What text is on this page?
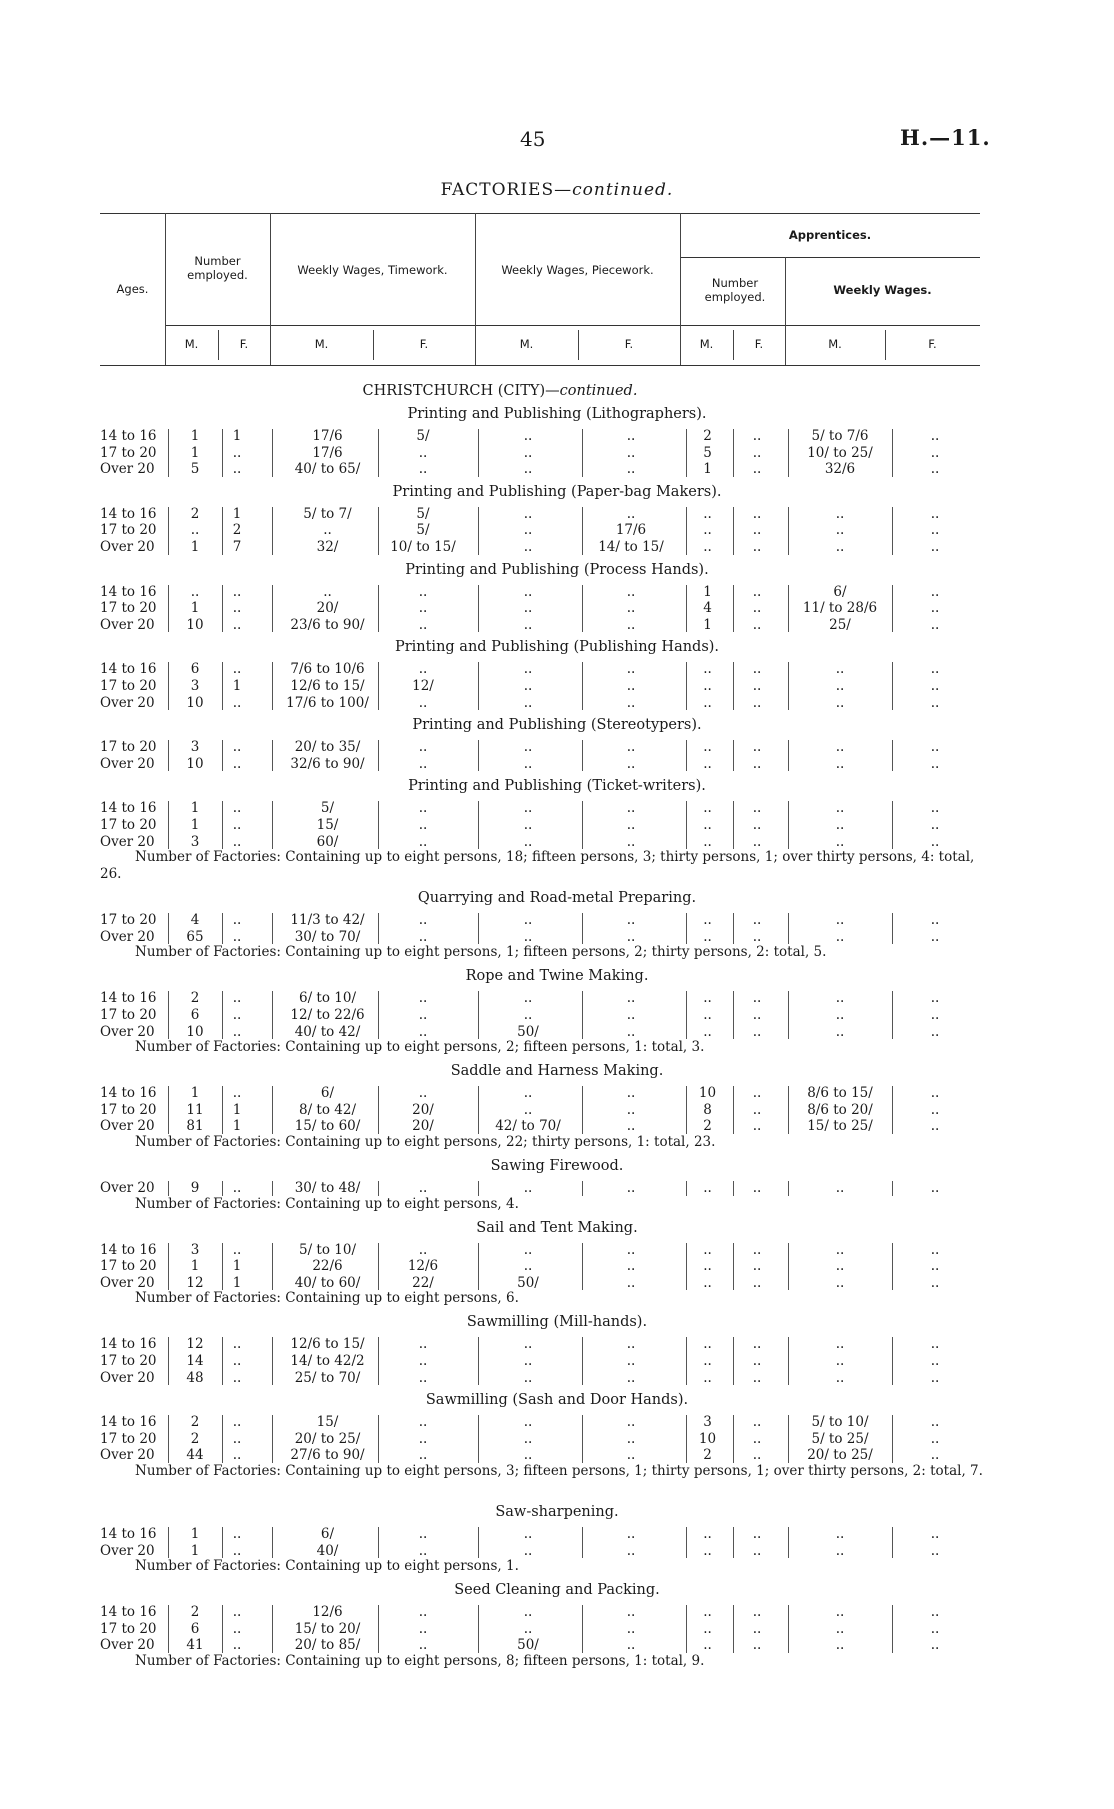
45	H.—11.
FACTORIES—continued.
Ages.
Number employed.	Weekly Wages, Timework.	Weekly Wages, Piecework.
Apprentices.
Number employed.	Weekly Wages.
M.	F.	M.	F.	M.	F.	M.	F.	M.	F.
CHRISTCHURCH (CITY)—continued.
Printing and Publishing (Lithographers).
14 to 16	1	1	17/6	5/	..	..	2	..	5/ to 7/6	..
17 to 20	1	..	17/6	..	..	..	5	..	10/ to 25/	..
Over 20	5	..	40/ to 65/	..	..	..	1	..	32/6	..
Printing and Publishing (Paper-bag Makers).
14 to 16	2	1	5/ to 7/	5/	..	..	..	..	..	..
17 to 20	..	2	..	5/	..	17/6	..	..	..	..
Over 20	1	7	32/	10/ to 15/	..	14/ to 15/	..	..	..	..
Printing and Publishing (Process Hands).
14 to 16	..	..	..	..	..	..	1	..	6/	..
17 to 20	1	..	20/	..	..	..	4	..	11/ to 28/6	..
Over 20	10	..	23/6 to 90/	..	..	..	1	..	25/	..
Printing and Publishing (Publishing Hands).
14 to 16	6	..	7/6 to 10/6	..	..	..	..	..	..	..
17 to 20	3	1	12/6 to 15/	12/	..	..	..	..	..	..
Over 20	10	..	17/6 to 100/	..	..	..	..	..	..	..
Printing and Publishing (Stereotypers).
17 to 20	3	..	20/ to 35/	..	..	..	..	..	..	..
Over 20	10	..	32/6 to 90/	..	..	..	..	..	..	..
Printing and Publishing (Ticket-writers).
14 to 16	1	..	5/	..	..	..	..	..	..	..
17 to 20	1	..	15/	..	..	..	..	..	..	..
Over 20	3	..	60/	..	..	..	..	..	..	..
Number of Factories: Containing up to eight persons, 18; fifteen persons, 3; thirty persons, 1; over thirty persons, 4: total, 26.
Quarrying and Road-metal Preparing.
17 to 20	4	..	11/3 to 42/	..	..	..	..	..	..	..
Over 20	65	..	30/ to 70/	..	..	..	..	..	..	..
Number of Factories: Containing up to eight persons, 1; fifteen persons, 2; thirty persons, 2: total, 5.
Rope and Twine Making.
14 to 16	2	..	6/ to 10/	..	..	..	..	..	..	..
17 to 20	6	..	12/ to 22/6	..	..	..	..	..	..	..
Over 20	10	..	40/ to 42/	..	50/	..	..	..	..	..
Number of Factories: Containing up to eight persons, 2; fifteen persons, 1: total, 3.
Saddle and Harness Making.
14 to 16	1	..	6/	..	..	..	10	..	8/6 to 15/	..
17 to 20	11	1	8/ to 42/	20/	..	..	8	..	8/6 to 20/	..
Over 20	81	1	15/ to 60/	20/	42/ to 70/	..	2	..	15/ to 25/	..
Number of Factories: Containing up to eight persons, 22; thirty persons, 1: total, 23.
Sawing Firewood.
Over 20	9	..	30/ to 48/	..	..	..	..	..	..	..
Number of Factories: Containing up to eight persons, 4.
Sail and Tent Making.
14 to 16	3	..	5/ to 10/	..	..	..	..	..	..	..
17 to 20	1	1	22/6	12/6	..	..	..	..	..	..
Over 20	12	1	40/ to 60/	22/	50/	..	..	..	..	..
Number of Factories: Containing up to eight persons, 6.
Sawmilling (Mill-hands).
14 to 16	12	..	12/6 to 15/	..	..	..	..	..	..	..
17 to 20	14	..	14/ to 42/2	..	..	..	..	..	..	..
Over 20	48	..	25/ to 70/	..	..	..	..	..	..	..
Sawmilling (Sash and Door Hands).
14 to 16	2	..	15/	..	..	..	3	..	5/ to 10/	..
17 to 20	2	..	20/ to 25/	..	..	..	10	..	5/ to 25/	..
Over 20	44	..	27/6 to 90/	..	..	..	2	..	20/ to 25/	..
Number of Factories: Containing up to eight persons, 3; fifteen persons, 1; thirty persons, 1; over thirty persons, 2: total, 7.
Saw-sharpening.
14 to 16	1	..	6/	..	..	..	..	..	..	..
Over 20	1	..	40/	..	..	..	..	..	..	..
Number of Factories: Containing up to eight persons, 1.
Seed Cleaning and Packing.
14 to 16	2	..	12/6	..	..	..	..	..	..	..
17 to 20	6	..	15/ to 20/	..	..	..	..	..	..	..
Over 20	41	..	20/ to 85/	..	50/	..	..	..	..	..
Number of Factories: Containing up to eight persons, 8; fifteen persons, 1: total, 9.
